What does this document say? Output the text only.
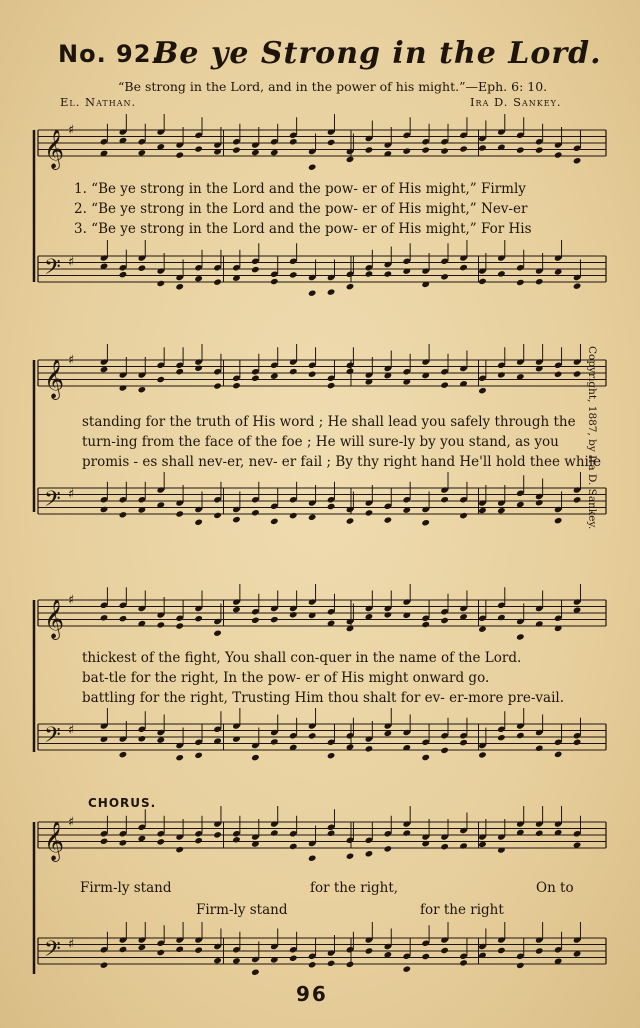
No. 92.
Be ye Strong in the Lord.
“Be strong in the Lord, and in the power of his might.”—Eph. 6: 10.
El. Nathan.	Ira D. Sankey.
Copyright, 1887, by Ira D. Sankey.
𝄞 ♯
1. “Be ye strong in the Lord and the pow- er of His might,” Firmly
2. “Be ye strong in the Lord and the pow- er of His might,” Nev-er
3. “Be ye strong in the Lord and the pow- er of His might,” For His
𝄢 ♯
𝄞 ♯
standing for the truth of His word ; He shall lead you safely through the
turn-ing from the face of the foe ; He will sure-ly by you stand, as you
promis - es shall nev-er, nev- er fail ; By thy right hand He'll hold thee while
𝄢 ♯
𝄞 ♯
thickest of the fight, You shall con-quer in the name of the Lord.
bat-tle for the right, In the pow- er of His might onward go.
battling for the right, Trusting Him thou shalt for ev- er-more pre-vail.
𝄢 ♯
CHORUS.
𝄞 ♯
Firm-ly stand	for the right,	On to
Firm-ly stand	for the right
𝄢 ♯
96
